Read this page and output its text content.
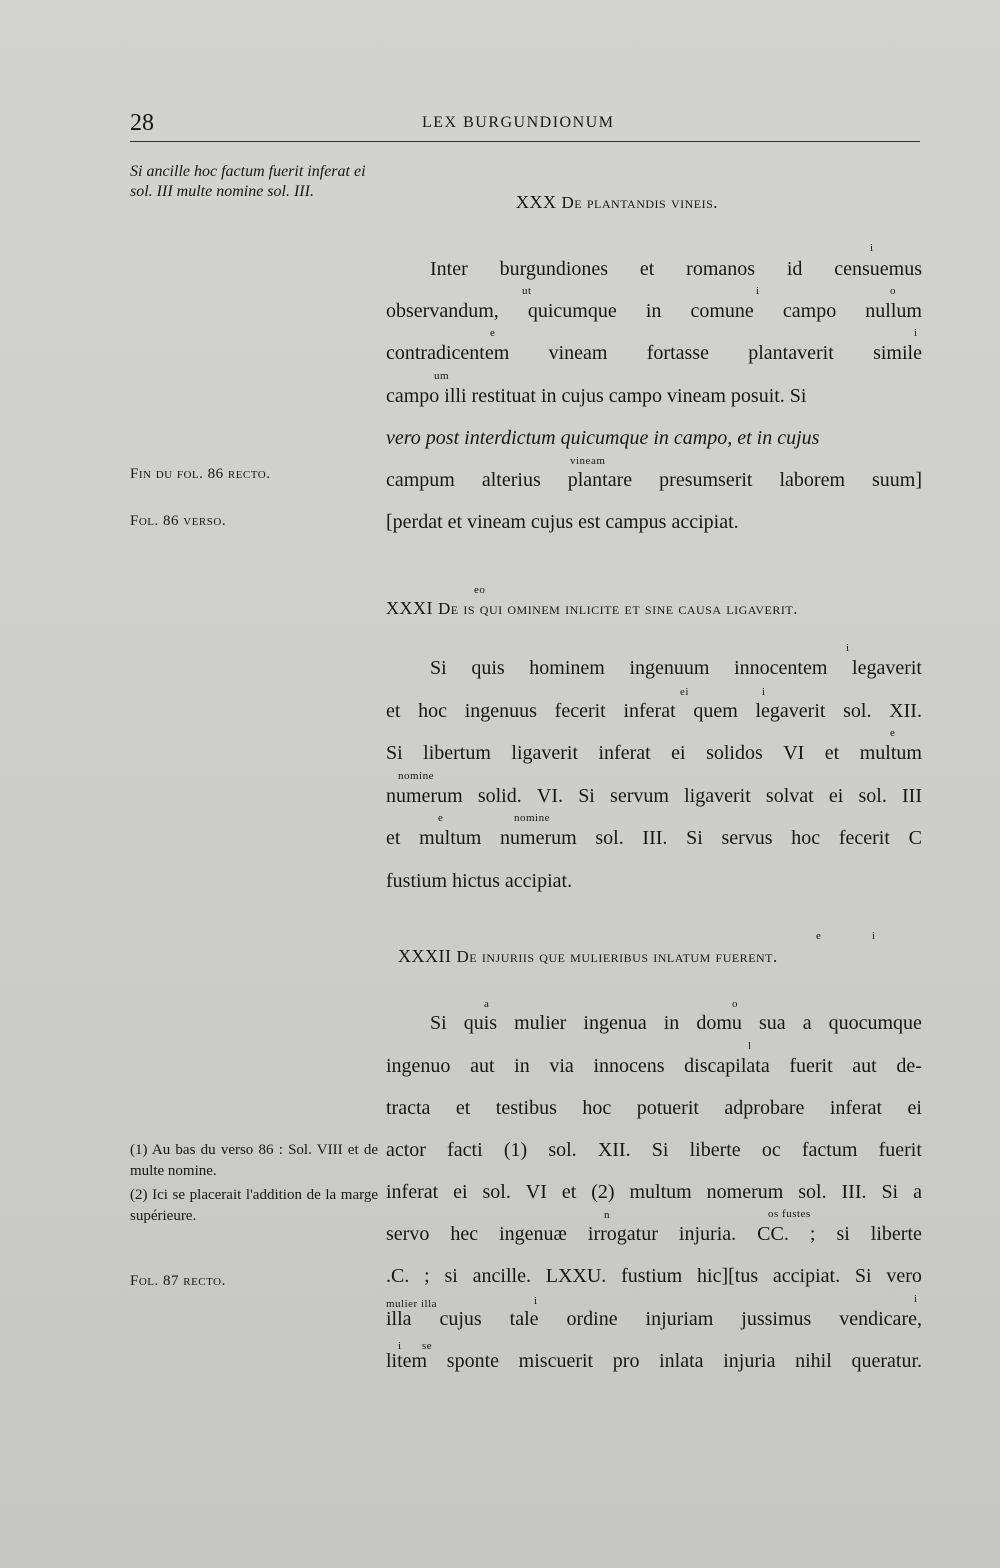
28	LEX BURGUNDIONUM
Si ancille hoc factum fuerit inferat ei sol. III multe nomine sol. III.
Fin du fol. 86 recto.
Fol. 86 verso.

(1) Au bas du verso 86 : Sol. VIII et de multe nomine.

(2) Ici se placerait l'addition de la marge supérieure.

Fol. 87 recto.
XXX De plantandis vineis.
Inter burgundiones et romanos id censuemus
observandum, quicumque in comune campo nullum
contradicentem vineam fortasse plantaverit simile
campo illi restituat in cujus campo vineam posuit. Si
vero post interdictum quicumque in campo, et in cujus
campum alterius plantare presumserit laborem suum]
[perdat et vineam cujus est campus accipiat.
i
ut	i	o
e	i
um
vineam
XXXI De is qui ominem inlicite et sine causa ligaverit.
eo
Si quis hominem ingenuum innocentem legaverit
et hoc ingenuus fecerit inferat quem legaverit sol. XII.
Si libertum ligaverit inferat ei solidos VI et multum
numerum solid. VI. Si servum ligaverit solvat ei sol. III
et multum numerum sol. III. Si servus hoc fecerit C
fustium hictus accipiat.
i
ei	i
e
nomine
e	nomine
XXXII De injuriis que mulieribus inlatum fuerent.
e	i
Si quis mulier ingenua in domu sua a quocumque
ingenuo aut in via innocens discapilata fuerit aut de-
tracta et testibus hoc potuerit adprobare inferat ei
actor facti (1) sol. XII. Si liberte oc factum fuerit
inferat ei sol. VI et (2) multum nomerum sol. III. Si a
servo hec ingenuæ irrogatur injuria. CC. ; si liberte
.C. ; si ancille. LXXU. fustium hic][tus accipiat. Si vero
illa cujus tale ordine injuriam jussimus vendicare,
litem sponte miscuerit pro inlata injuria nihil queratur.
a	o
l
n	os fustes
mulier illa	i	i
i se
